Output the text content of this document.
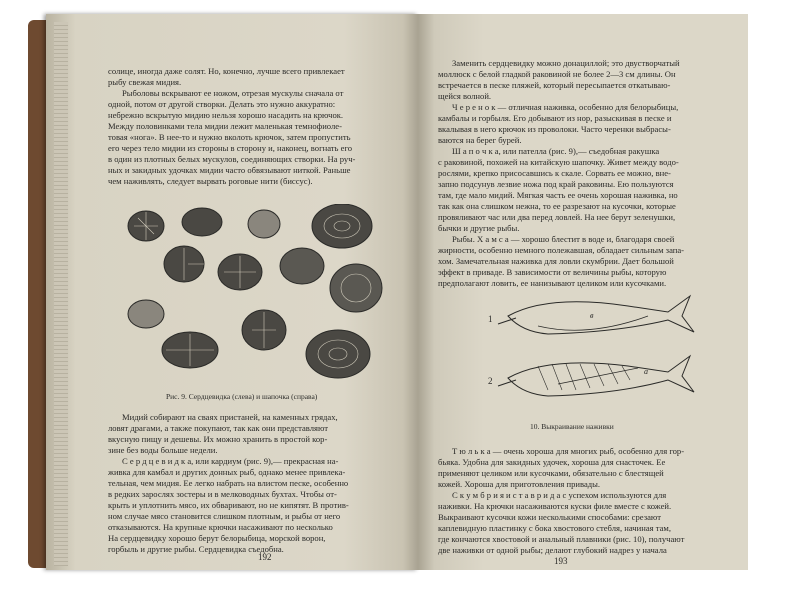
солице, иногда даже солят. Но, конечно, лучше всего привлекает

рыбу свежая мидия.

Рыболовы вскрывают ее ножом, отрезая мускулы сначала от

одной, потом от другой створки. Делать это нужно аккуратно:

небрежно вскрытую мидию нельзя хорошо насадить на крючок.

Между половинками тела мидии лежит маленькая темнофиоле-

товая «нога». В нее-то и нужно вколоть крючок, затем пропустить

его через тело мидии из стороны в сторону и, наконец, вогнать его

в один из плотных белых мускулов, соединяющих створки. На руч-

ных и закидных удочках мидии часто обвязывают ниткой. Раньше

чем наживлять, следует вырвать роговые нити (биссус).

Рис. 9. Сердцевидка (слева) и шапочка (справа)

Мидий собирают на сваях пристаней, на каменных грядах,

ловят драгами, а также покупают, так как они представляют

вкусную пищу и дешевы. Их можно хранить в простой кор-

зине без воды больше недели.

С е р д ц е в и д к а, или кардиум (рис. 9),— прекрасная на-

живка для камбал и других донных рыб, однако менее привлека-

тельная, чем мидия. Ее легко набрать на влистом песке, особенно

в редких зарослях зостеры и в мелководных бухтах. Чтобы от-

крыть и уплотнить мясо, их обваривают, но не кипятят. В против-

ном случае мясо становится слишком плотным, и рыбы от него

отказываются. На крупные крючки насаживают по несколько

На сердцевидку хорошо берут белорыбица, морской ворон,

горбыль и другие рыбы. Сердцевидка съедобна.

192

Заменить сердцевидку можно донациллой; это двустворчатый

моллюск с белой гладкой раковиной не более 2—3 см длины. Он

встречается в песке пляжей, который пересыпается откатываю-

щейся волной.

Ч е р е н о к — отличная наживка, особенно для белорыбицы,

камбалы и горбыля. Его добывают из нор, разыскивая в песке и

вкалывая в него крючок из проволоки. Часто черенки выбрасы-

ваются на берег бурей.

Ш а п о ч к а, или пателла (рис. 9),— съедобная ракушка

с раковиной, похожей на китайскую шапочку. Живет между водо-

рослями, крепко присосавшись к скале. Сорвать ее можно, вне-

запно подсунув лезвие ножа под край раковины. Ею пользуются

там, где мало мидий. Мягкая часть ее очень хорошая наживка, но

так как она слишком нежна, то ее разрезают на кусочки, которые

провяливают час или два перед ловлей. На нее берут зеленушки,

бычки и другие рыбы.

Рыбы. Х а м с а — хорошо блестит в воде и, благодаря своей

жирности, особенно немного полежавшая, обладает сильным запа-

хом. Замечательная наживка для ловли скумбрии. Дает большой

эффект в приваде. В зависимости от величины рыбы, которую

предполагают ловить, ее нанизывают целиком или кусочками.

1
2
в
а
10. Выкраивание наживки

Т ю л ь к а — очень хороша для многих рыб, особенно для гор-

бьяка. Удобна для закидных удочек, хороша для снасточек. Ее

применяют целиком или кусочками, обязательно с блестящей

кожей. Хороша для приготовления привады.

С к у м б р и я и с т а в р и д а с успехом используются для

наживки. На крючки насаживаются куски филе вместе с кожей.

Выкраивают кусочки кожи несколькими способами: срезают

каплевидную пластинку с бока хвостового стебля, начиная там,

где кончаются хвостовой и анальный плавники (рис. 10), получают

две наживки от одной рыбы; делают глубокий надрез у начала

193
